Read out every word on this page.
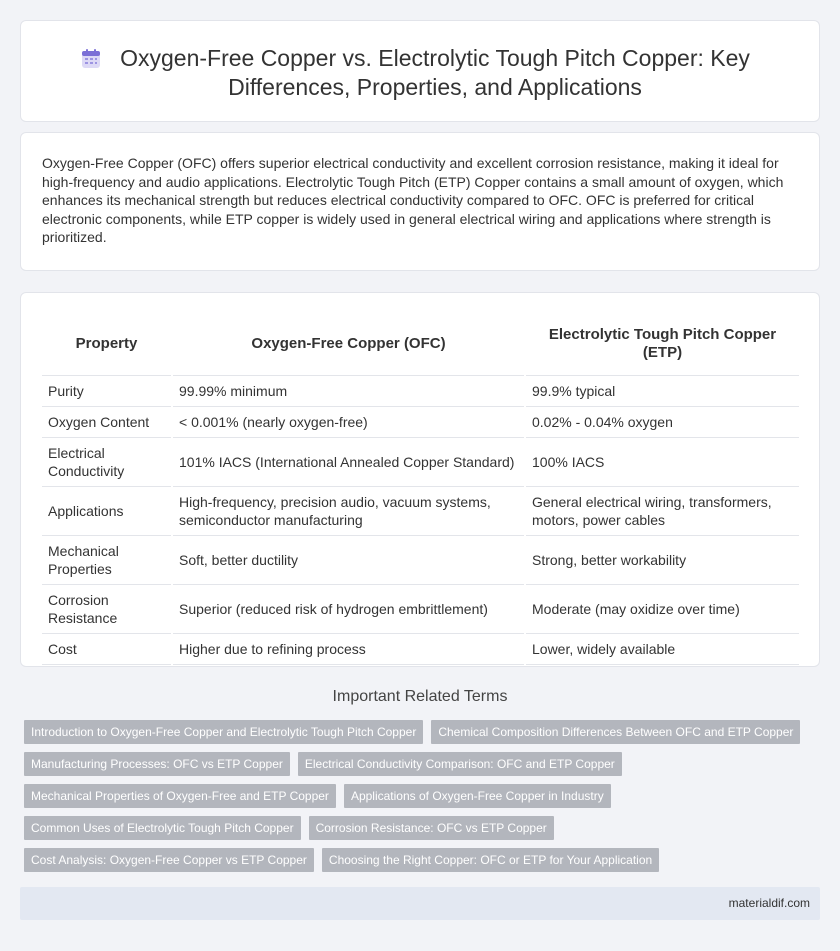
Oxygen-Free Copper vs. Electrolytic Tough Pitch Copper: Key Differences, Properties, and Applications

Oxygen-Free Copper (OFC) offers superior electrical conductivity and excellent corrosion resistance, making it ideal for high-frequency and audio applications. Electrolytic Tough Pitch (ETP) Copper contains a small amount of oxygen, which enhances its mechanical strength but reduces electrical conductivity compared to OFC. OFC is preferred for critical electronic components, while ETP copper is widely used in general electrical wiring and applications where strength is prioritized.

Property	Oxygen-Free Copper (OFC)	Electrolytic Tough Pitch Copper (ETP)
Purity	99.99% minimum	99.9% typical
Oxygen Content	< 0.001% (nearly oxygen-free)	0.02% - 0.04% oxygen
Electrical Conductivity	101% IACS (International Annealed Copper Standard)	100% IACS
Applications	High-frequency, precision audio, vacuum systems, semiconductor manufacturing	General electrical wiring, transformers, motors, power cables
Mechanical Properties	Soft, better ductility	Strong, better workability
Corrosion Resistance	Superior (reduced risk of hydrogen embrittlement)	Moderate (may oxidize over time)
Cost	Higher due to refining process	Lower, widely available
Important Related Terms
Introduction to Oxygen-Free Copper and Electrolytic Tough Pitch Copper	Chemical Composition Differences Between OFC and ETP Copper
Manufacturing Processes: OFC vs ETP Copper	Electrical Conductivity Comparison: OFC and ETP Copper
Mechanical Properties of Oxygen-Free and ETP Copper	Applications of Oxygen-Free Copper in Industry
Common Uses of Electrolytic Tough Pitch Copper	Corrosion Resistance: OFC vs ETP Copper
Cost Analysis: Oxygen-Free Copper vs ETP Copper	Choosing the Right Copper: OFC or ETP for Your Application
materialdif.com
